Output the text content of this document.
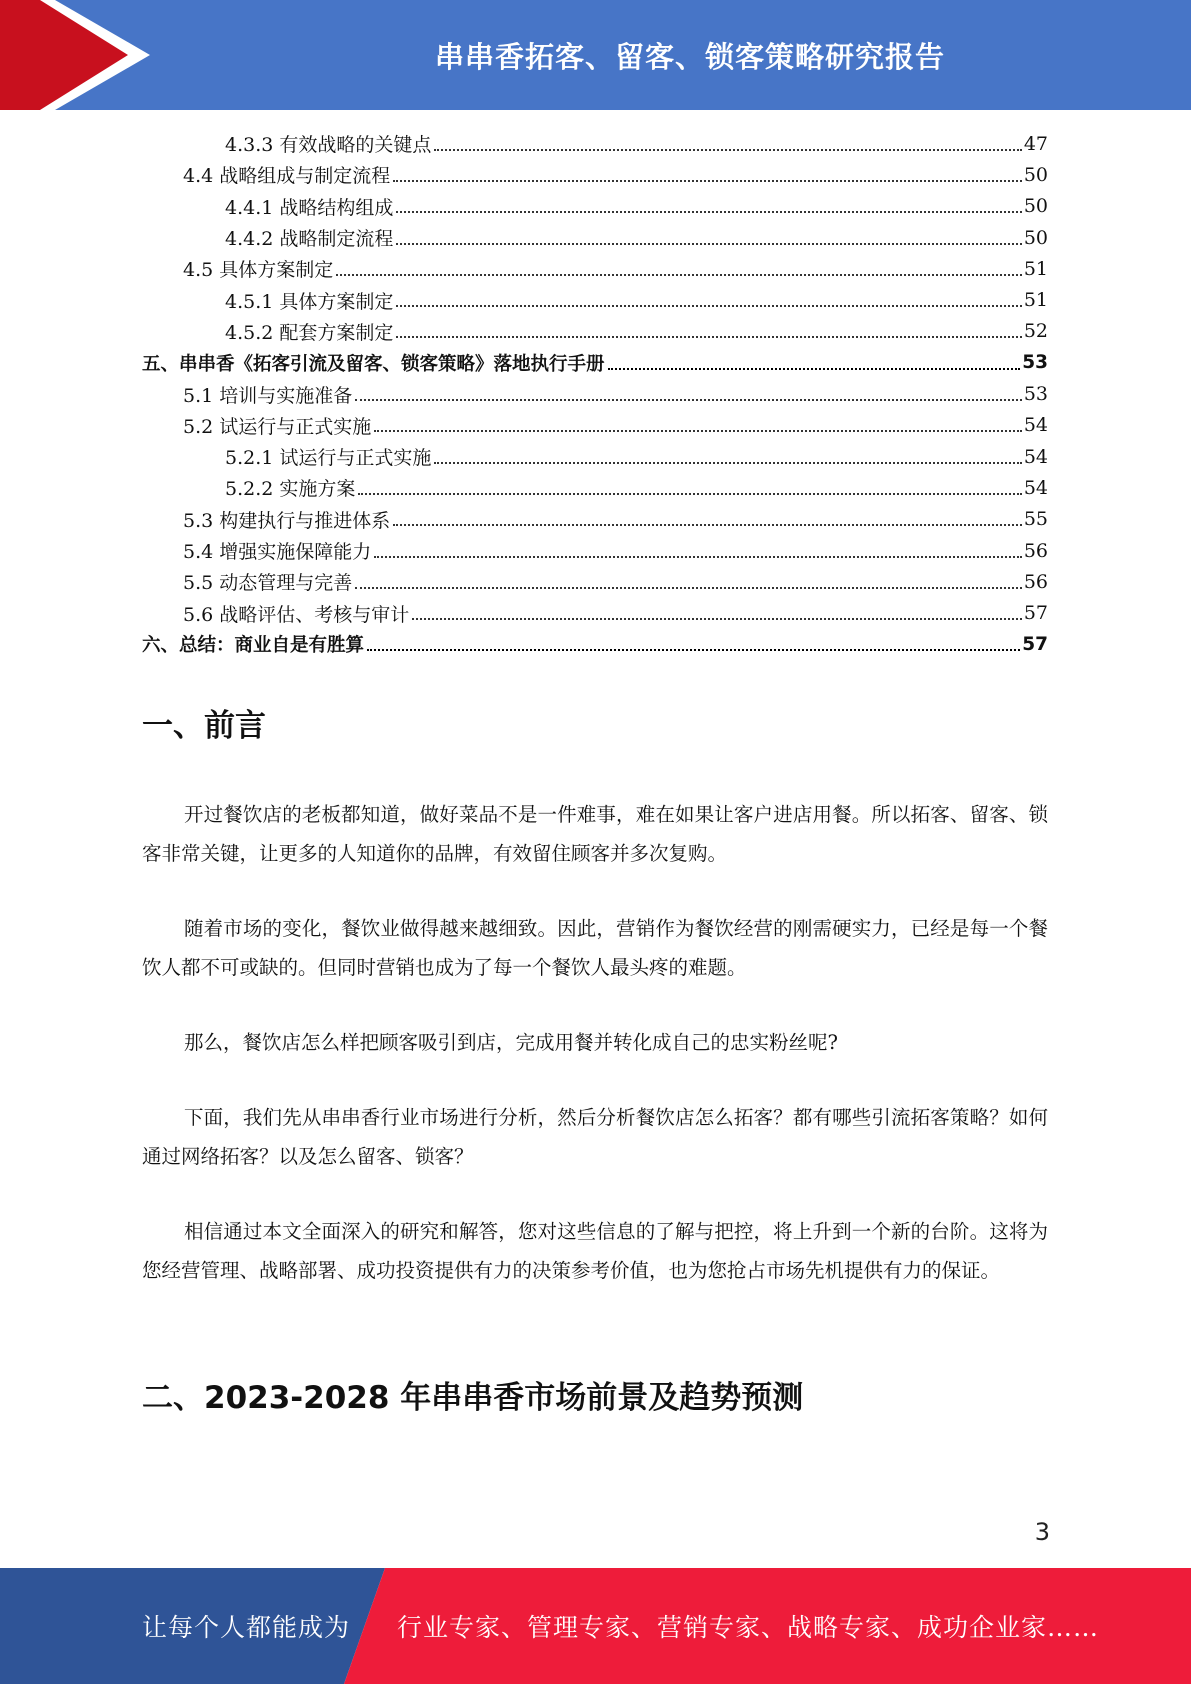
串串香拓客、留客、锁客策略研究报告
4.3.3 有效战略的关键点	47
4.4 战略组成与制定流程	50
4.4.1 战略结构组成	50
4.4.2 战略制定流程	50
4.5 具体方案制定	51
4.5.1 具体方案制定	51
4.5.2 配套方案制定	52
五、串串香《拓客引流及留客、锁客策略》落地执行手册	53
5.1 培训与实施准备	53
5.2 试运行与正式实施	54
5.2.1 试运行与正式实施	54
5.2.2 实施方案	54
5.3 构建执行与推进体系	55
5.4 增强实施保障能力	56
5.5 动态管理与完善	56
5.6 战略评估、考核与审计	57
六、总结：商业自是有胜算	57
一、前言

开过餐饮店的老板都知道，做好菜品不是一件难事，难在如果让客户进店用餐。所以拓客、留客、锁客非常关键，让更多的人知道你的品牌，有效留住顾客并多次复购。

随着市场的变化，餐饮业做得越来越细致。因此，营销作为餐饮经营的刚需硬实力，已经是每一个餐饮人都不可或缺的。但同时营销也成为了每一个餐饮人最头疼的难题。

那么，餐饮店怎么样把顾客吸引到店，完成用餐并转化成自己的忠实粉丝呢?

下面，我们先从串串香行业市场进行分析，然后分析餐饮店怎么拓客？都有哪些引流拓客策略？如何通过网络拓客？以及怎么留客、锁客？

相信通过本文全面深入的研究和解答，您对这些信息的了解与把控，将上升到一个新的台阶。这将为您经营管理、战略部署、成功投资提供有力的决策参考价值，也为您抢占市场先机提供有力的保证。

二、2023-2028 年串串香市场前景及趋势预测
3
让每个人都能成为 行业专家、管理专家、营销专家、战略专家、成功企业家……
